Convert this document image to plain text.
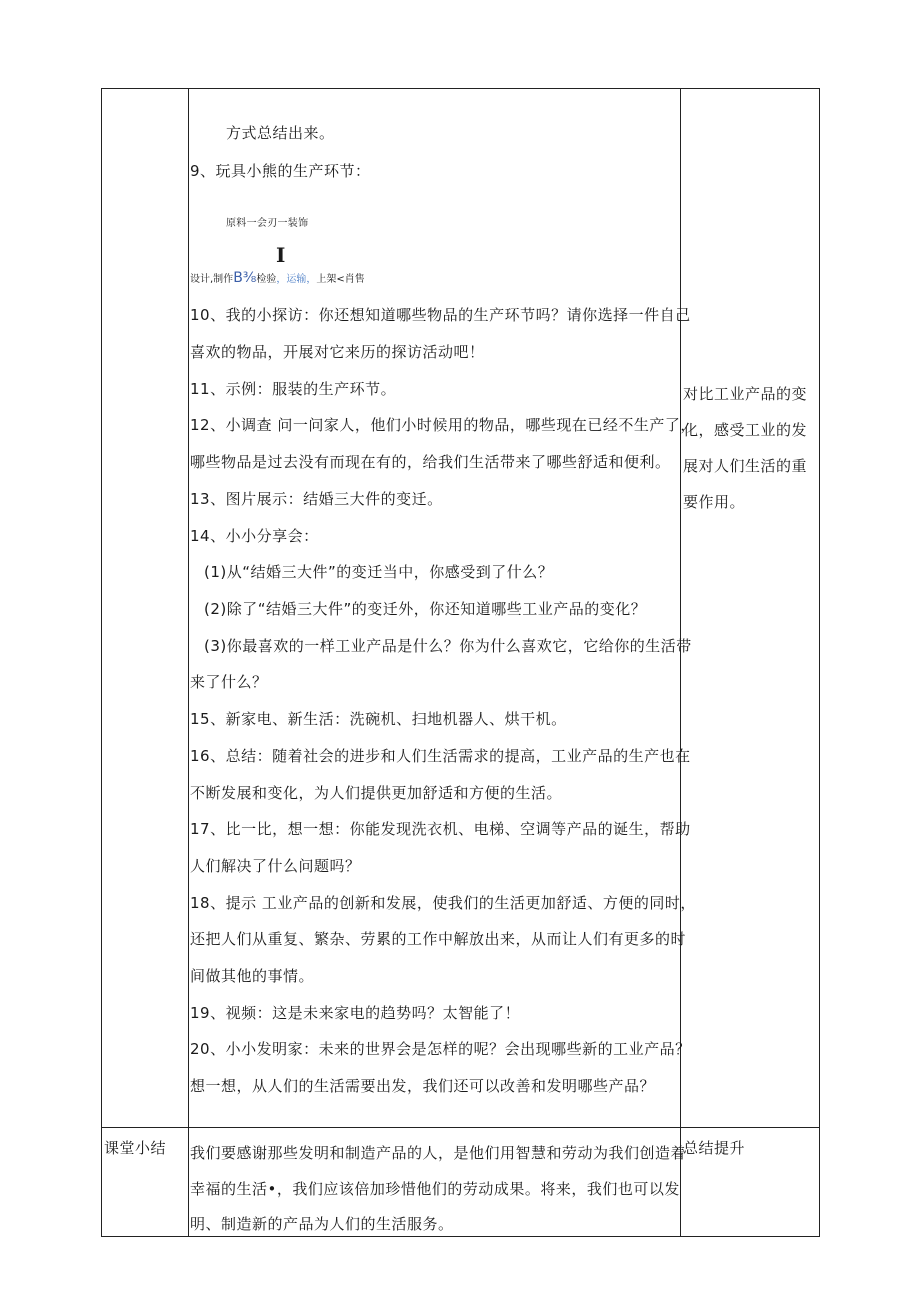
方式总结出来。
9、玩具小熊的生产环节：
原料一会刃一装饰
I
设计,制作B⅜检验，运输，上架<肖售
10、我的小探访：你还想知道哪些物品的生产环节吗？请你选择一件自己
喜欢的物品，开展对它来历的探访活动吧！
11、示例：服装的生产环节。
12、小调查 问一问家人，他们小时候用的物品，哪些现在已经不生产了，
哪些物品是过去没有而现在有的，给我们生活带来了哪些舒适和便利。
13、图片展示：结婚三大件的变迁。
14、小小分享会：
(1)从“结婚三大件”的变迁当中，你感受到了什么？
(2)除了“结婚三大件”的变迁外，你还知道哪些工业产品的变化？
(3)你最喜欢的一样工业产品是什么？你为什么喜欢它，它给你的生活带
来了什么？
15、新家电、新生活：洗碗机、扫地机器人、烘干机。
16、总结：随着社会的进步和人们生活需求的提高，工业产品的生产也在
不断发展和变化，为人们提供更加舒适和方便的生活。
17、比一比，想一想：你能发现洗衣机、电梯、空调等产品的诞生，帮助
人们解决了什么问题吗？
18、提示 工业产品的创新和发展，使我们的生活更加舒适、方便的同时，
还把人们从重复、繁杂、劳累的工作中解放出来，从而让人们有更多的时
间做其他的事情。
19、视频：这是未来家电的趋势吗？太智能了！
20、小小发明家：未来的世界会是怎样的呢？会出现哪些新的工业产品？
想一想，从人们的生活需要出发，我们还可以改善和发明哪些产品？
对比工业产品的变
化，感受工业的发
展对人们生活的重
要作用。
课堂小结 我们要感谢那些发明和制造产品的人，是他们用智慧和劳动为我们创造着
幸福的生活•，我们应该倍加珍惜他们的劳动成果。将来，我们也可以发
明、制造新的产品为人们的生活服务。
总结提升
